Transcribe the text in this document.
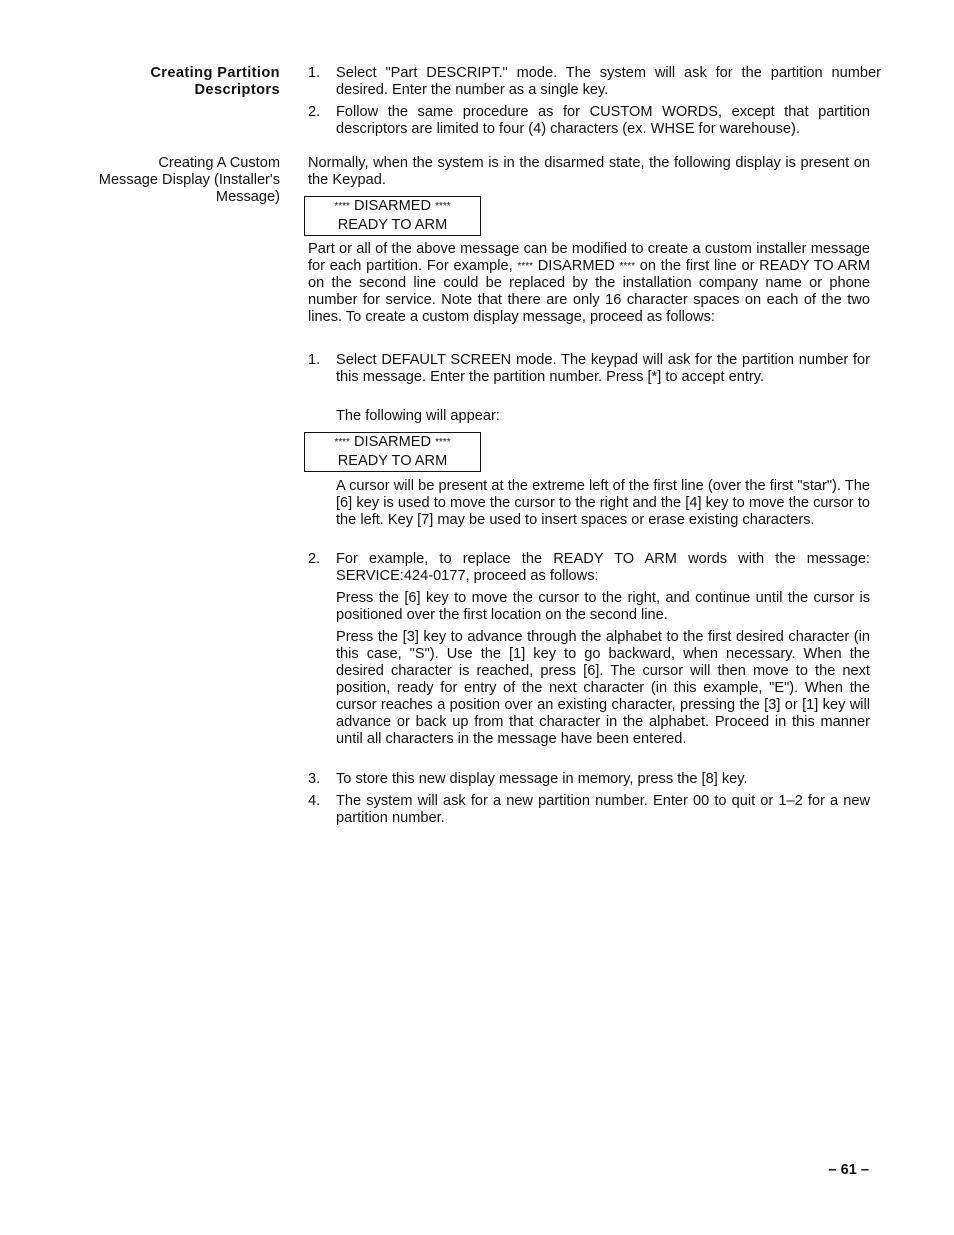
Creating Partition
Descriptors
Creating A Custom
Message Display (Installer's
Message)
1. Select "Part DESCRIPT." mode. The system will ask for the partition number desired. Enter the number as a single key.
2. Follow the same procedure as for CUSTOM WORDS, except that partition descriptors are limited to four (4) characters (ex. WHSE for warehouse).
Normally, when the system is in the disarmed state, the following display is present on the Keypad.
**** DISARMED ****
READY TO ARM
Part or all of the above message can be modified to create a custom installer message for each partition. For example, **** DISARMED **** on the first line or READY TO ARM on the second line could be replaced by the installation company name or phone number for service. Note that there are only 16 character spaces on each of the two lines. To create a custom display message, proceed as follows:
1. Select DEFAULT SCREEN mode. The keypad will ask for the partition number for this message. Enter the partition number. Press [*] to accept entry.
The following will appear:
**** DISARMED ****
READY TO ARM
A cursor will be present at the extreme left of the first line (over the first "star"). The [6] key is used to move the cursor to the right and the [4] key to move the cursor to the left. Key [7] may be used to insert spaces or erase existing characters.
2. For example, to replace the READY TO ARM words with the message: SERVICE:424-0177, proceed as follows:
Press the [6] key to move the cursor to the right, and continue until the cursor is positioned over the first location on the second line.
Press the [3] key to advance through the alphabet to the first desired character (in this case, "S"). Use the [1] key to go backward, when necessary. When the desired character is reached, press [6]. The cursor will then move to the next position, ready for entry of the next character (in this example, "E"). When the cursor reaches a position over an existing character, pressing the [3] or [1] key will advance or back up from that character in the alphabet. Proceed in this manner until all characters in the message have been entered.
3. To store this new display message in memory, press the [8] key.
4. The system will ask for a new partition number. Enter 00 to quit or 1–2 for a new partition number.
– 61 –
